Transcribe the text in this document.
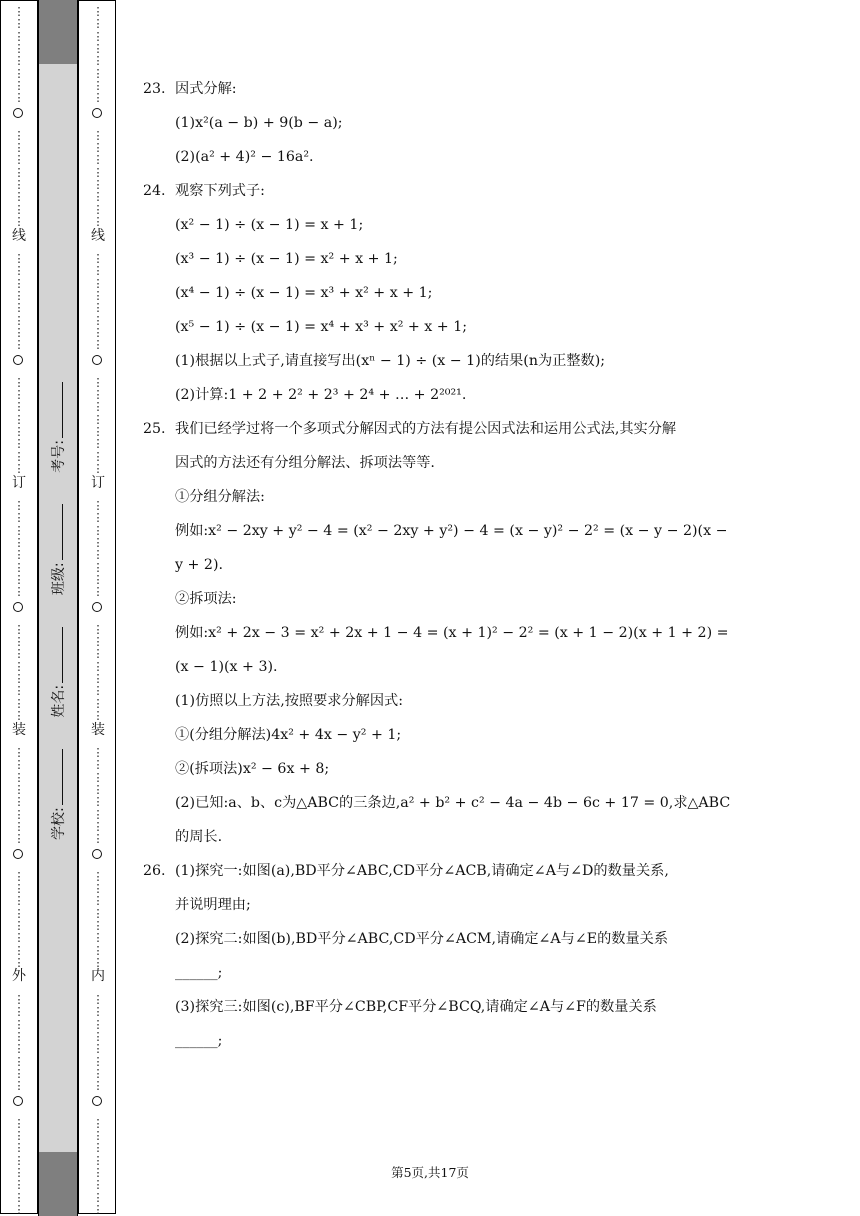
线
订
装
外
⋮
⋮
⋮
⋮
⋮
⋮
⋮
⋮
⋮
⋮
⋮
⋮
⋮
⋮
⋮
⋮
⋮
⋮
⋮
⋮
⋮
⋮
⋮
⋮
⋮
⋮
⋮
⋮
⋮
⋮
⋮
⋮
⋮
⋮
⋮
⋮
⋮
⋮
⋮
⋮
⋮
⋮
⋮
⋮
⋮
⋮
⋮
⋮
⋮
⋮
⋮
⋮
⋮
⋮
⋮
⋮
⋮
⋮
⋮
⋮
⋮
⋮
⋮
⋮
⋮
⋮
⋮
⋮
⋮
⋮
⋮
⋮
⋮
⋮
⋮
⋮
⋮
⋮
⋮
⋮
线
订
装
内
⋮
⋮
⋮
⋮
⋮
⋮
⋮
⋮
⋮
⋮
⋮
⋮
⋮
⋮
⋮
⋮
⋮
⋮
⋮
⋮
⋮
⋮
⋮
⋮
⋮
⋮
⋮
⋮
⋮
⋮
⋮
⋮
⋮
⋮
⋮
⋮
⋮
⋮
⋮
⋮
⋮
⋮
⋮
⋮
⋮
⋮
⋮
⋮
⋮
⋮
⋮
⋮
⋮
⋮
⋮
⋮
⋮
⋮
⋮
⋮
⋮
⋮
⋮
⋮
⋮
⋮
⋮
⋮
⋮
⋮
⋮
⋮
⋮
⋮
⋮
⋮
⋮
⋮
⋮
⋮
学校:
姓名:
班级:
考号:
23. 因式分解:
(1)x²(a − b) + 9(b − a);
(2)(a² + 4)² − 16a².
24. 观察下列式子:
(x² − 1) ÷ (x − 1) = x + 1;
(x³ − 1) ÷ (x − 1) = x² + x + 1;
(x⁴ − 1) ÷ (x − 1) = x³ + x² + x + 1;
(x⁵ − 1) ÷ (x − 1) = x⁴ + x³ + x² + x + 1;
(1)根据以上式子,请直接写出(xⁿ − 1) ÷ (x − 1)的结果(n为正整数);
(2)计算:1 + 2 + 2² + 2³ + 2⁴ + … + 2²⁰²¹.
25. 我们已经学过将一个多项式分解因式的方法有提公因式法和运用公式法,其实分解
因式的方法还有分组分解法、拆项法等等.
①分组分解法:
例如:x² − 2xy + y² − 4 = (x² − 2xy + y²) − 4 = (x − y)² − 2² = (x − y − 2)(x −
y + 2).
②拆项法:
例如:x² + 2x − 3 = x² + 2x + 1 − 4 = (x + 1)² − 2² = (x + 1 − 2)(x + 1 + 2) =
(x − 1)(x + 3).
(1)仿照以上方法,按照要求分解因式:
①(分组分解法)4x² + 4x − y² + 1;
②(拆项法)x² − 6x + 8;
(2)已知:a、b、c为△ABC的三条边,a² + b² + c² − 4a − 4b − 6c + 17 = 0,求△ABC
的周长.
26. (1)探究一:如图(a),BD平分∠ABC,CD平分∠ACB,请确定∠A与∠D的数量关系,
并说明理由;
(2)探究二:如图(b),BD平分∠ABC,CD平分∠ACM,请确定∠A与∠E的数量关系
______;
(3)探究三:如图(c),BF平分∠CBP,CF平分∠BCQ,请确定∠A与∠F的数量关系
______;
第5页,共17页
